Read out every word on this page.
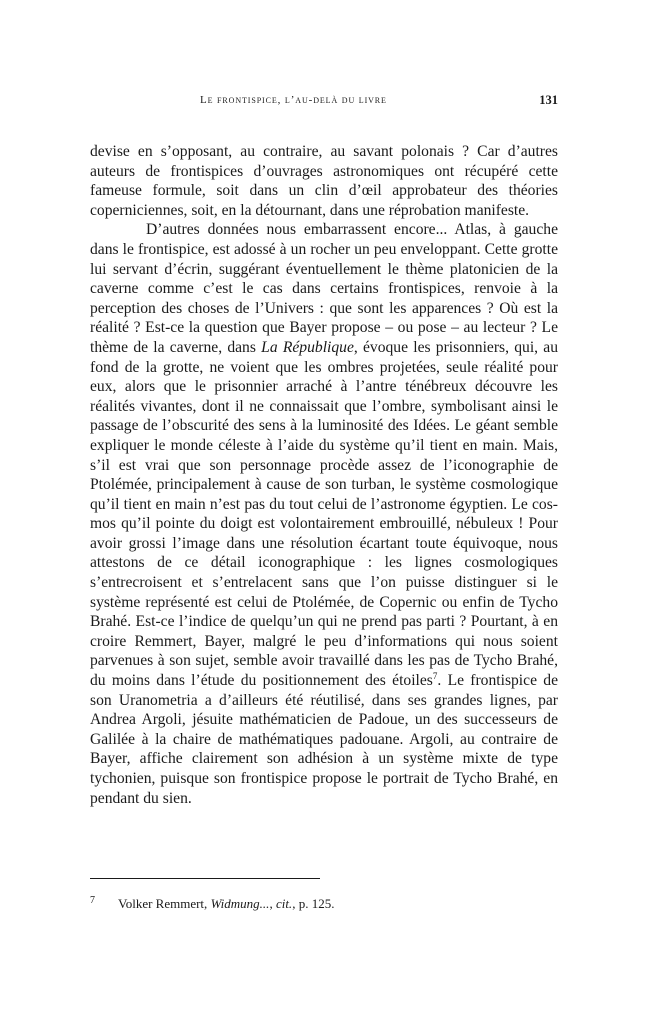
Le frontispice, l’au-delà du livre	131

devise en s’opposant, au contraire, au savant polonais ? Car d’autres auteurs de frontispices d’ouvrages astronomiques ont récupéré cette fameuse formule, soit dans un clin d’œil approbateur des théories coperniciennes, soit, en la détournant, dans une réprobation manifeste.

D’autres données nous embarrassent encore... Atlas, à gauche dans le frontispice, est adossé à un rocher un peu enveloppant. Cette grotte lui servant d’écrin, suggérant éventuellement le thème platonicien de la caverne comme c’est le cas dans certains frontispices, renvoie à la perception des choses de l’Univers : que sont les apparences ? Où est la réalité ? Est-ce la question que Bayer propose – ou pose – au lecteur ? Le thème de la caverne, dans La République, évoque les prisonniers, qui, au fond de la grotte, ne voient que les ombres projetées, seule réalité pour eux, alors que le prisonnier arraché à l’antre ténébreux découvre les réalités vivantes, dont il ne connaissait que l’ombre, symbolisant ainsi le passage de l’obscurité des sens à la luminosité des Idées. Le géant semble expliquer le monde céleste à l’aide du système qu’il tient en main. Mais, s’il est vrai que son personnage procède assez de l’iconographie de Ptolémée, principalement à cause de son turban, le système cosmologique qu’il tient en main n’est pas du tout celui de l’astronome égyptien. Le cosmos qu’il pointe du doigt est volontairement embrouillé, nébuleux ! Pour avoir grossi l’image dans une résolution écartant toute équivoque, nous attestons de ce détail iconographique : les lignes cosmologiques s’entrecroisent et s’entrelacent sans que l’on puisse distinguer si le système représenté est celui de Ptolémée, de Copernic ou enfin de Tycho Brahé. Est-ce l’indice de quelqu’un qui ne prend pas parti ? Pourtant, à en croire Remmert, Bayer, malgré le peu d’informations qui nous soient parvenues à son sujet, semble avoir travaillé dans les pas de Tycho Brahé, du moins dans l’étude du positionnement des étoiles$^7$. Le frontispice de son Uranometria a d’ailleurs été réutilisé, dans ses grandes lignes, par Andrea Argoli, jésuite mathématicien de Padoue, un des successeurs de Galilée à la chaire de mathématiques padouane. Argoli, au contraire de Bayer, affiche clairement son adhésion à un système mixte de type tychonien, puisque son frontispice propose le portrait de Tycho Brahé, en pendant du sien.

7 Volker Remmert, Widmung..., cit., p. 125.
